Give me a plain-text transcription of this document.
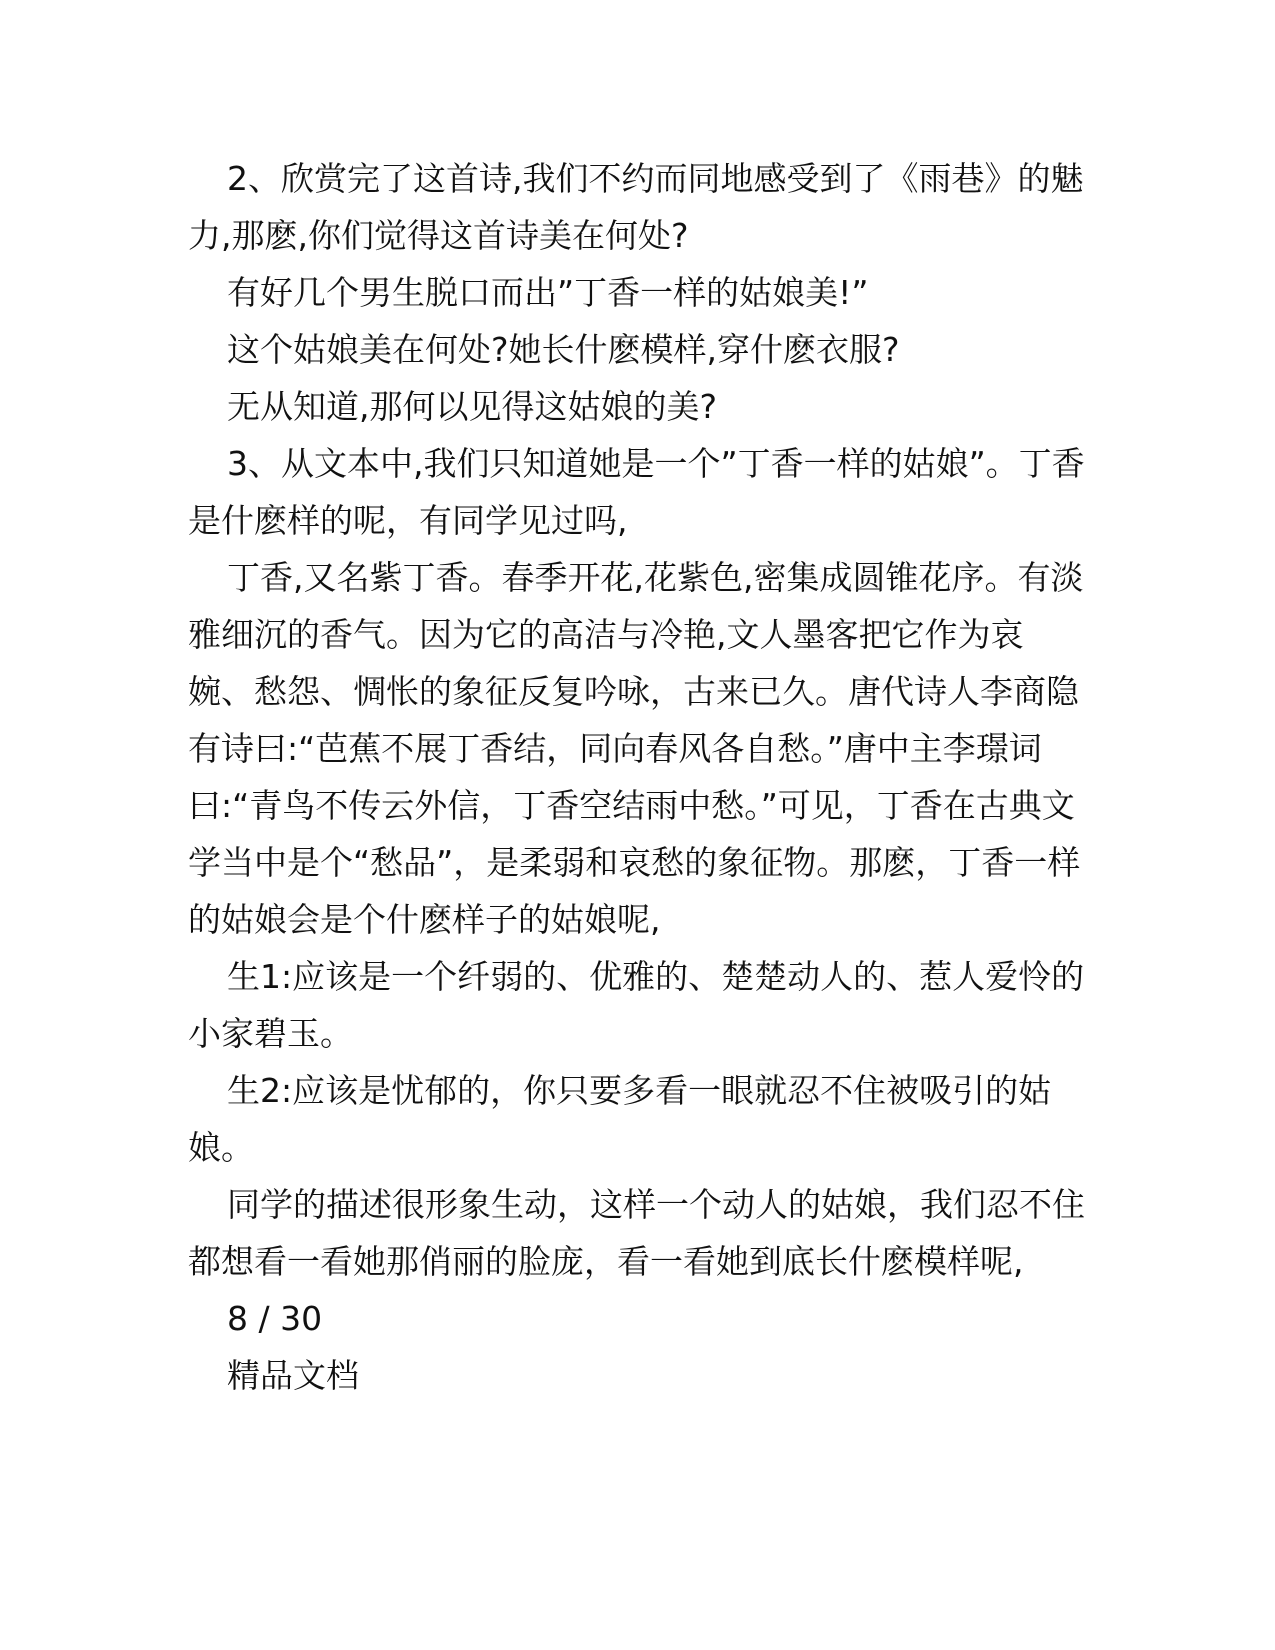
2、欣赏完了这首诗,我们不约而同地感受到了《雨巷》的魅力,那麽,你们觉得这首诗美在何处?

有好几个男生脱口而出”丁香一样的姑娘美!”

这个姑娘美在何处?她长什麽模样,穿什麽衣服?

无从知道,那何以见得这姑娘的美?

3、从文本中,我们只知道她是一个”丁香一样的姑娘”。丁香是什麽样的呢，有同学见过吗,

丁香,又名紫丁香。春季开花,花紫色,密集成圆锥花序。有淡雅细沉的香气。因为它的高洁与冷艳,文人墨客把它作为哀婉、愁怨、惆怅的象征反复吟咏，古来已久。唐代诗人李商隐有诗曰:“芭蕉不展丁香结，同向春风各自愁。”唐中主李璟词曰:“青鸟不传云外信，丁香空结雨中愁。”可见，丁香在古典文学当中是个“愁品”，是柔弱和哀愁的象征物。那麽，丁香一样的姑娘会是个什麽样子的姑娘呢,

生1:应该是一个纤弱的、优雅的、楚楚动人的、惹人爱怜的小家碧玉。

生2:应该是忧郁的，你只要多看一眼就忍不住被吸引的姑娘。

同学的描述很形象生动，这样一个动人的姑娘，我们忍不住都想看一看她那俏丽的脸庞，看一看她到底长什麽模样呢,

8 / 30

精品文档
